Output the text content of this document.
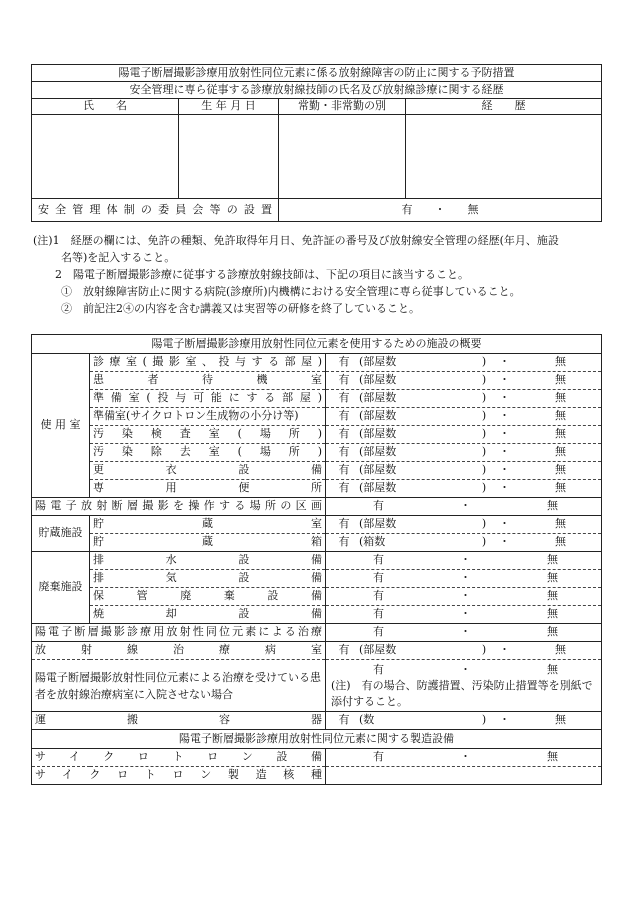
陽電子断層撮影診療用放射性同位元素に係る放射線障害の防止に関する予防措置			
安全管理に専ら従事する診療放射線技師の氏名及び放射線診療に関する経歴			
氏　　名	生 年 月 日	常勤・非常勤の別	経　　歴

安全管理体制の委員会等の設置		有　　・　　無	

(注)1　経歴の欄には、免許の種類、免許取得年月日、免許証の番号及び放射線安全管理の経歴(年月、施設

名等)を記入すること。

2　陽電子断層撮影診療に従事する診療放射線技師は、下記の項目に該当すること。

①　放射線障害防止に関する病院(診療所)内機構における安全管理に専ら従事していること。

②　前記注2④の内容を含む講義又は実習等の研修を終了していること。

陽電子断層撮影診療用放射性同位元素を使用するための施設の概要		
使 用 室	診療室(撮影室、投与する部屋)	有 (部屋数 ) ・ 無

	患者待機室	有 (部屋数 ) ・ 無

	準備室(投与可能にする部屋)	有 (部屋数 ) ・ 無

	準備室(サイクロトロン生成物の小分け等)	有 (部屋数 ) ・ 無

	汚染検査室(場所)	有 (部屋数 ) ・ 無

	汚染除去室(場所)	有 (部屋数 ) ・ 無

	更衣設備	有 (部屋数 ) ・ 無

	専用便所	有 (部屋数 ) ・ 無

陽電子放射断層撮影を操作する場所の区画		有 ・ 無

貯蔵施設	貯蔵室	有 (部屋数 ) ・ 無

	貯蔵箱	有 (箱数 ) ・ 無

廃棄施設	排水設備	有 ・ 無

	排気設備	有 ・ 無

	保管廃棄設備	有 ・ 無

	焼却設備	有 ・ 無

陽電子断層撮影診療用放射性同位元素による治療		有 ・ 無

放射線治療病室		有 (部屋数 ) ・ 無

陽電子断層撮影放射性同位元素による治療を受けている患者を放射線治療病室に入院させない場合		有 ・ 無
(注)　有の場合、防護措置、汚染防止措置等を別紙で添付すること。

運搬容器		有 (数 ) ・ 無

陽電子断層撮影診療用放射性同位元素に関する製造設備		
サイクロトロン設備		有 ・ 無

サイクロトロン製造核種		
